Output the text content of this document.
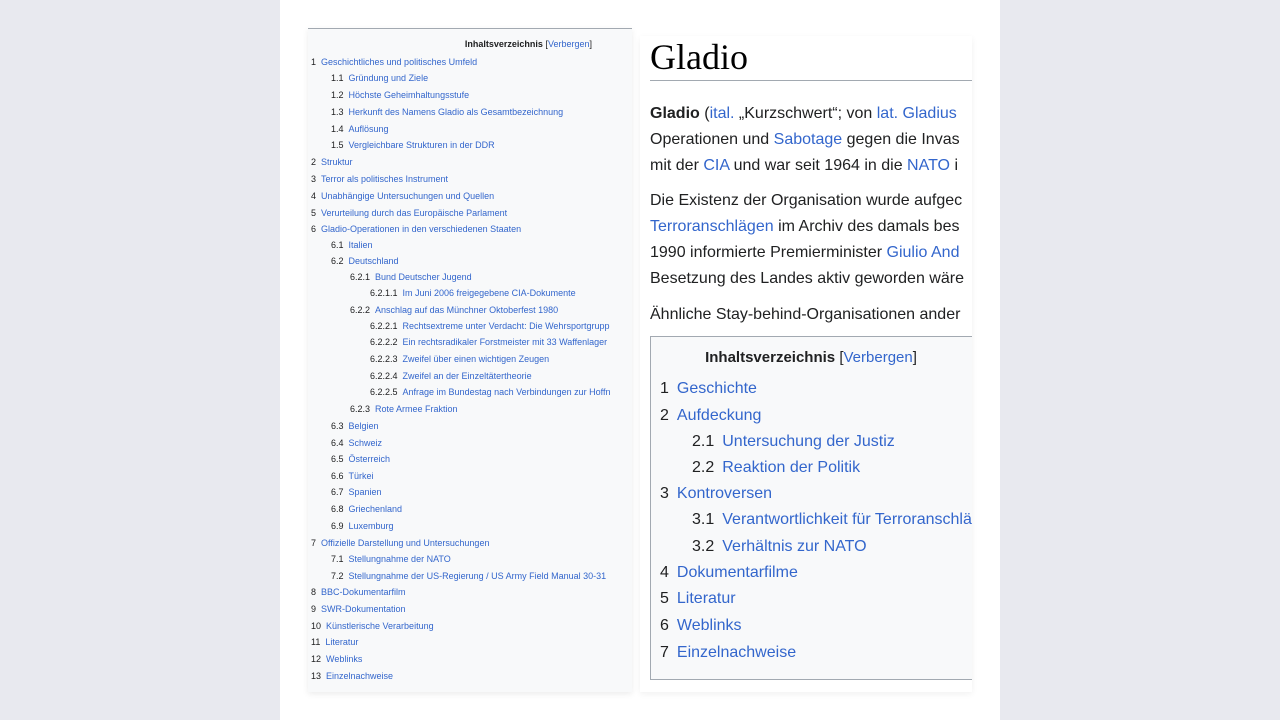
Inhaltsverzeichnis [Verbergen]
1 Geschichtliches und politisches Umfeld
1.1 Gründung und Ziele
1.2 Höchste Geheimhaltungsstufe
1.3 Herkunft des Namens Gladio als Gesamtbezeichnung
1.4 Auflösung
1.5 Vergleichbare Strukturen in der DDR
2 Struktur
3 Terror als politisches Instrument
4 Unabhängige Untersuchungen und Quellen
5 Verurteilung durch das Europäische Parlament
6 Gladio-Operationen in den verschiedenen Staaten
6.1 Italien
6.2 Deutschland
6.2.1 Bund Deutscher Jugend
6.2.1.1 Im Juni 2006 freigegebene CIA-Dokumente
6.2.2 Anschlag auf das Münchner Oktoberfest 1980
6.2.2.1 Rechtsextreme unter Verdacht: Die Wehrsportgrupp
6.2.2.2 Ein rechtsradikaler Forstmeister mit 33 Waffenlager
6.2.2.3 Zweifel über einen wichtigen Zeugen
6.2.2.4 Zweifel an der Einzeltätertheorie
6.2.2.5 Anfrage im Bundestag nach Verbindungen zur Hoffn
6.2.3 Rote Armee Fraktion
6.3 Belgien
6.4 Schweiz
6.5 Österreich
6.6 Türkei
6.7 Spanien
6.8 Griechenland
6.9 Luxemburg
7 Offizielle Darstellung und Untersuchungen
7.1 Stellungnahme der NATO
7.2 Stellungnahme der US-Regierung / US Army Field Manual 30-31
8 BBC-Dokumentarfilm
9 SWR-Dokumentation
10 Künstlerische Verarbeitung
11 Literatur
12 Weblinks
13 Einzelnachweise
Gladio
Gladio (ital. „Kurzschwert“; von lat. Gladius
Operationen und Sabotage gegen die Invas
mit der CIA und war seit 1964 in die NATO i
Die Existenz der Organisation wurde aufgec
Terroranschlägen im Archiv des damals bes
1990 informierte Premierminister Giulio And
Besetzung des Landes aktiv geworden wäre
Ähnliche Stay-behind-Organisationen ander
Inhaltsverzeichnis [Verbergen]
1 Geschichte
2 Aufdeckung
2.1 Untersuchung der Justiz
2.2 Reaktion der Politik
3 Kontroversen
3.1 Verantwortlichkeit für Terroranschlä
3.2 Verhältnis zur NATO
4 Dokumentarfilme
5 Literatur
6 Weblinks
7 Einzelnachweise
